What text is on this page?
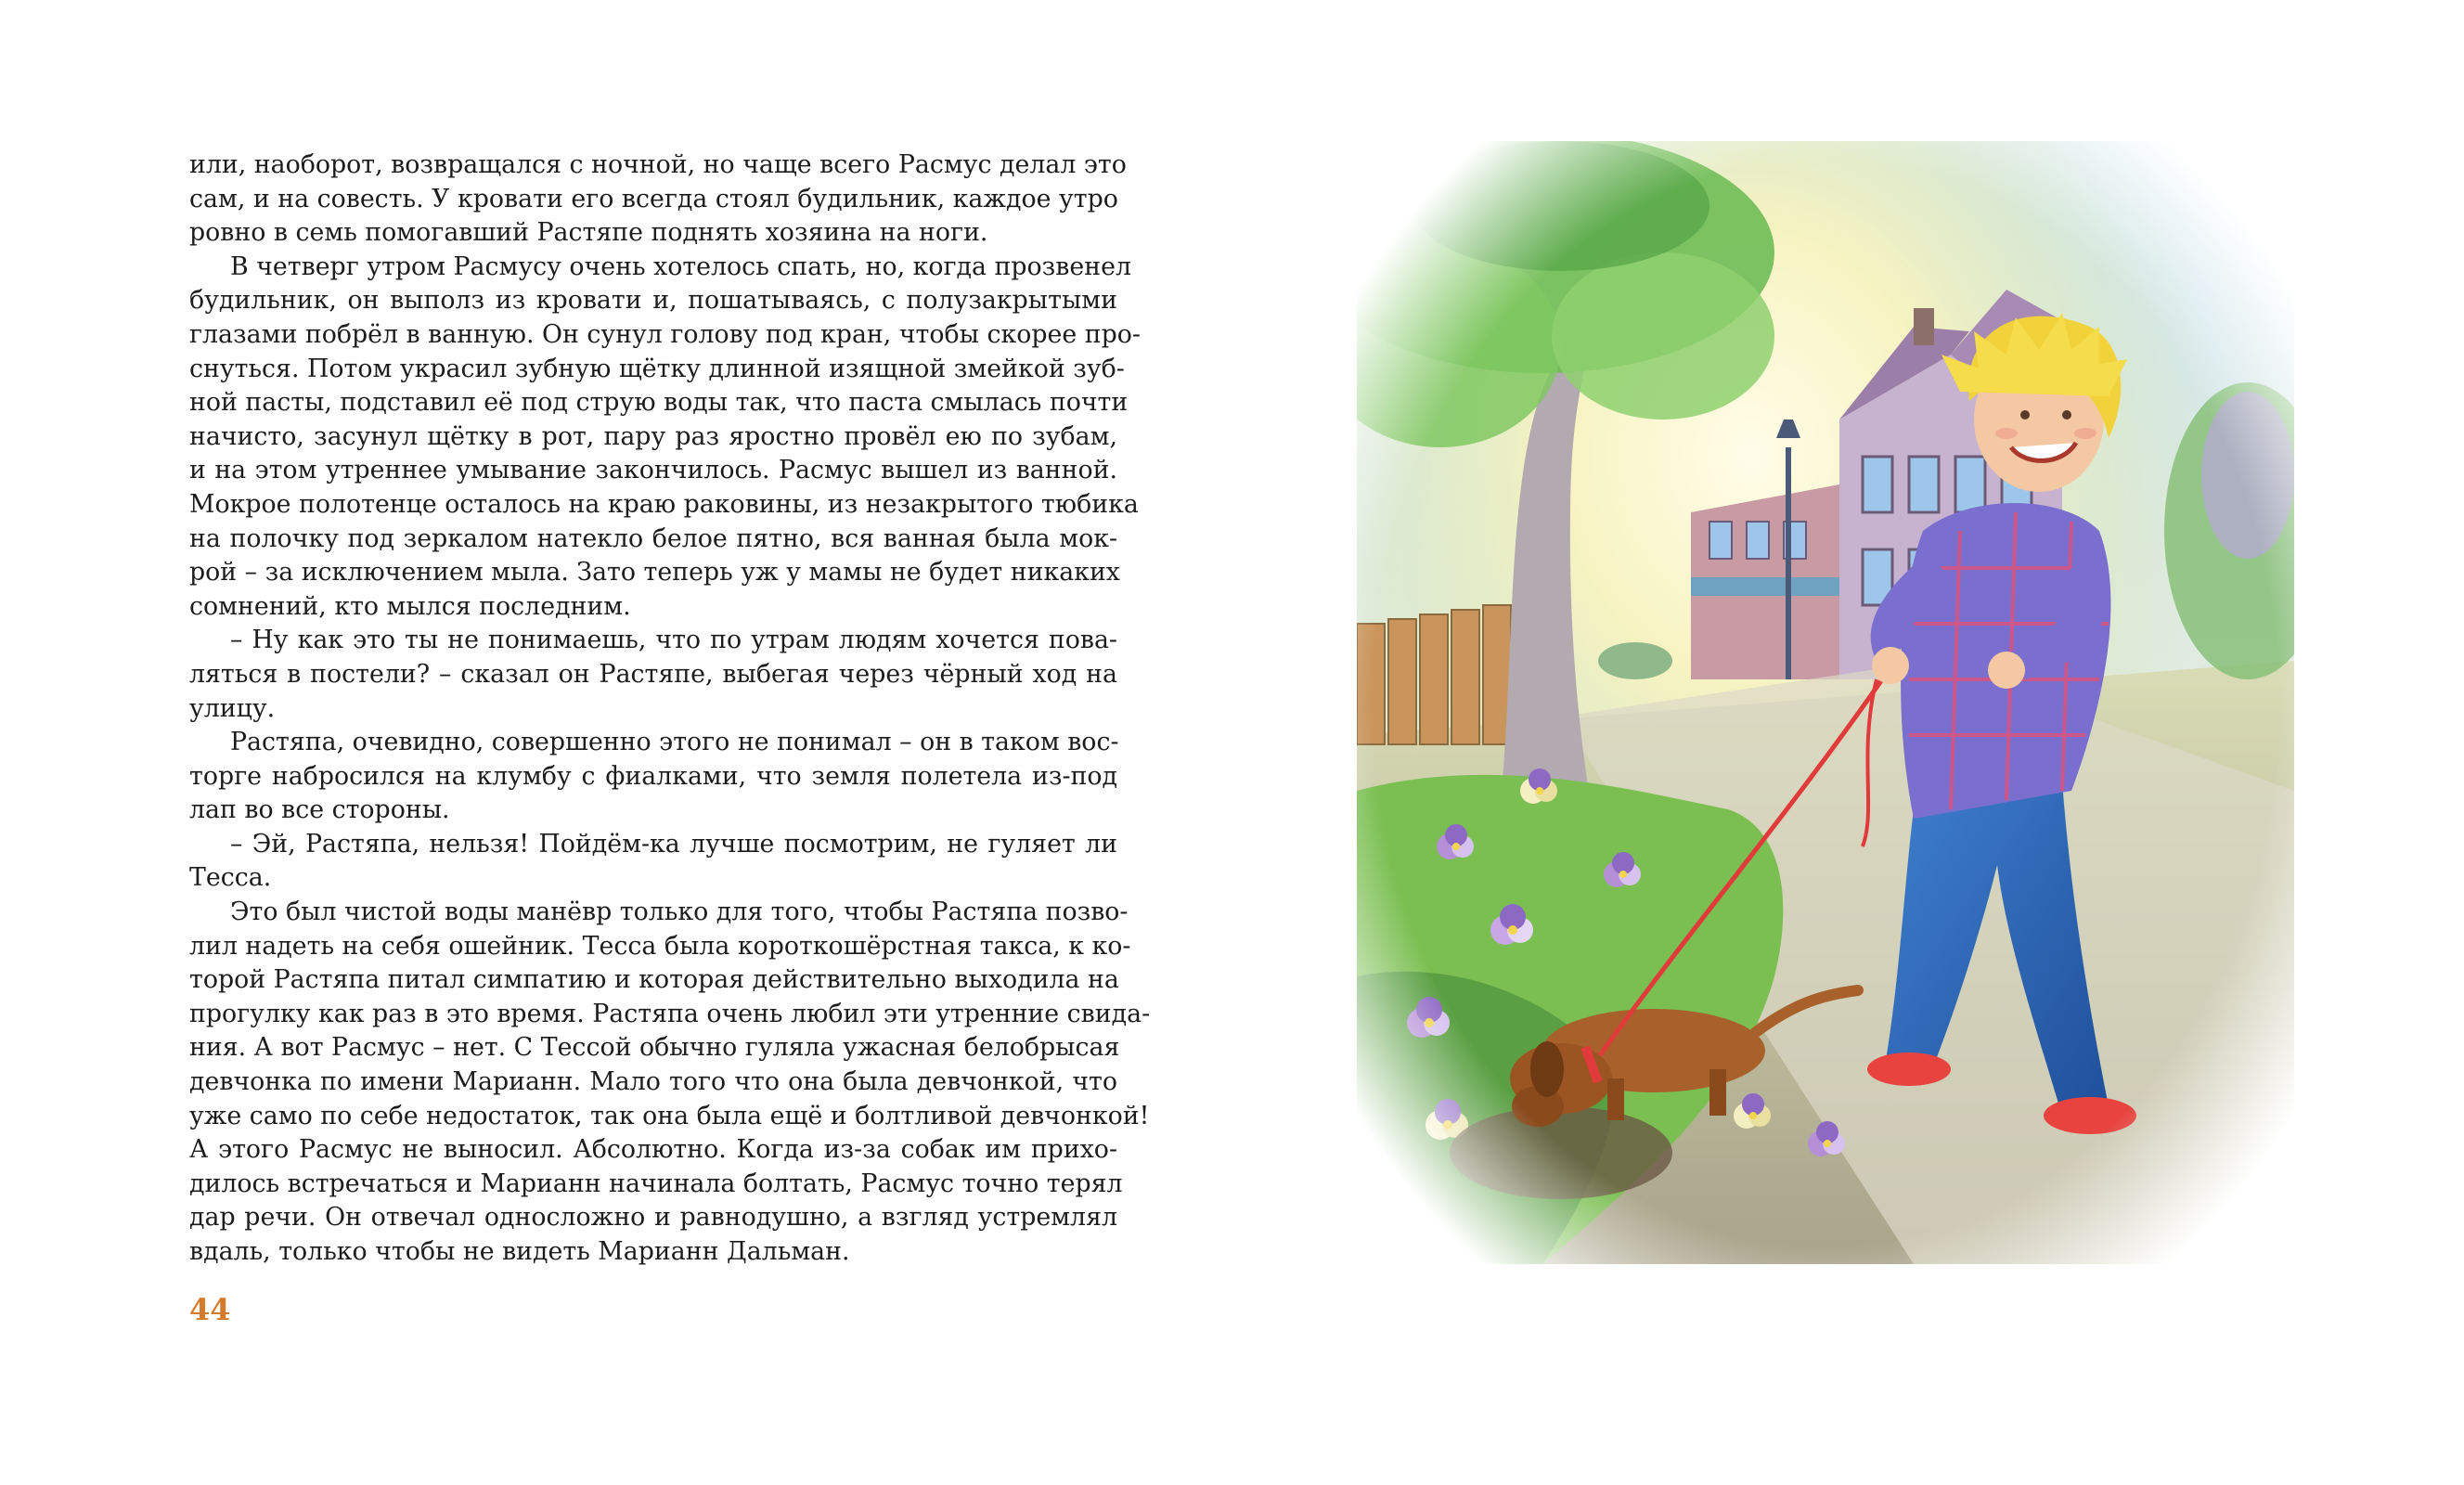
или, наоборот, возвращался с ночной, но чаще всего Расмус делал это
сам, и на совесть. У кровати его всегда стоял будильник, каждое утро
ровно в семь помогавший Растяпе поднять хозяина на ноги.

В четверг утром Расмусу очень хотелось спать, но, когда прозвенел
будильник, он выполз из кровати и, пошатываясь, с полузакрытыми
глазами побрёл в ванную. Он сунул голову под кран, чтобы скорее про-
снуться. Потом украсил зубную щётку длинной изящной змейкой зуб-
ной пасты, подставил её под струю воды так, что паста смылась почти
начисто, засунул щётку в рот, пару раз яростно провёл ею по зубам,
и на этом утреннее умывание закончилось. Расмус вышел из ванной.
Мокрое полотенце осталось на краю раковины, из незакрытого тюбика
на полочку под зеркалом натекло белое пятно, вся ванная была мок-
рой – за исключением мыла. Зато теперь уж у мамы не будет никаких
сомнений, кто мылся последним.

– Ну как это ты не понимаешь, что по утрам людям хочется пова-
ляться в постели? – сказал он Растяпе, выбегая через чёрный ход на
улицу.

Растяпа, очевидно, совершенно этого не понимал – он в таком вос-
торге набросился на клумбу с фиалками, что земля полетела из-под
лап во все стороны.

– Эй, Растяпа, нельзя! Пойдём-ка лучше посмотрим, не гуляет ли
Тесса.

Это был чистой воды манёвр только для того, чтобы Растяпа позво-
лил надеть на себя ошейник. Тесса была короткошёрстная такса, к ко-
торой Растяпа питал симпатию и которая действительно выходила на
прогулку как раз в это время. Растяпа очень любил эти утренние свида-
ния. А вот Расмус – нет. С Тессой обычно гуляла ужасная белобрысая
девчонка по имени Марианн. Мало того что она была девчонкой, что
уже само по себе недостаток, так она была ещё и болтливой девчонкой!
А этого Расмус не выносил. Абсолютно. Когда из-за собак им прихо-
дилось встречаться и Марианн начинала болтать, Расмус точно терял
дар речи. Он отвечал односложно и равнодушно, а взгляд устремлял
вдаль, только чтобы не видеть Марианн Дальман.

44
